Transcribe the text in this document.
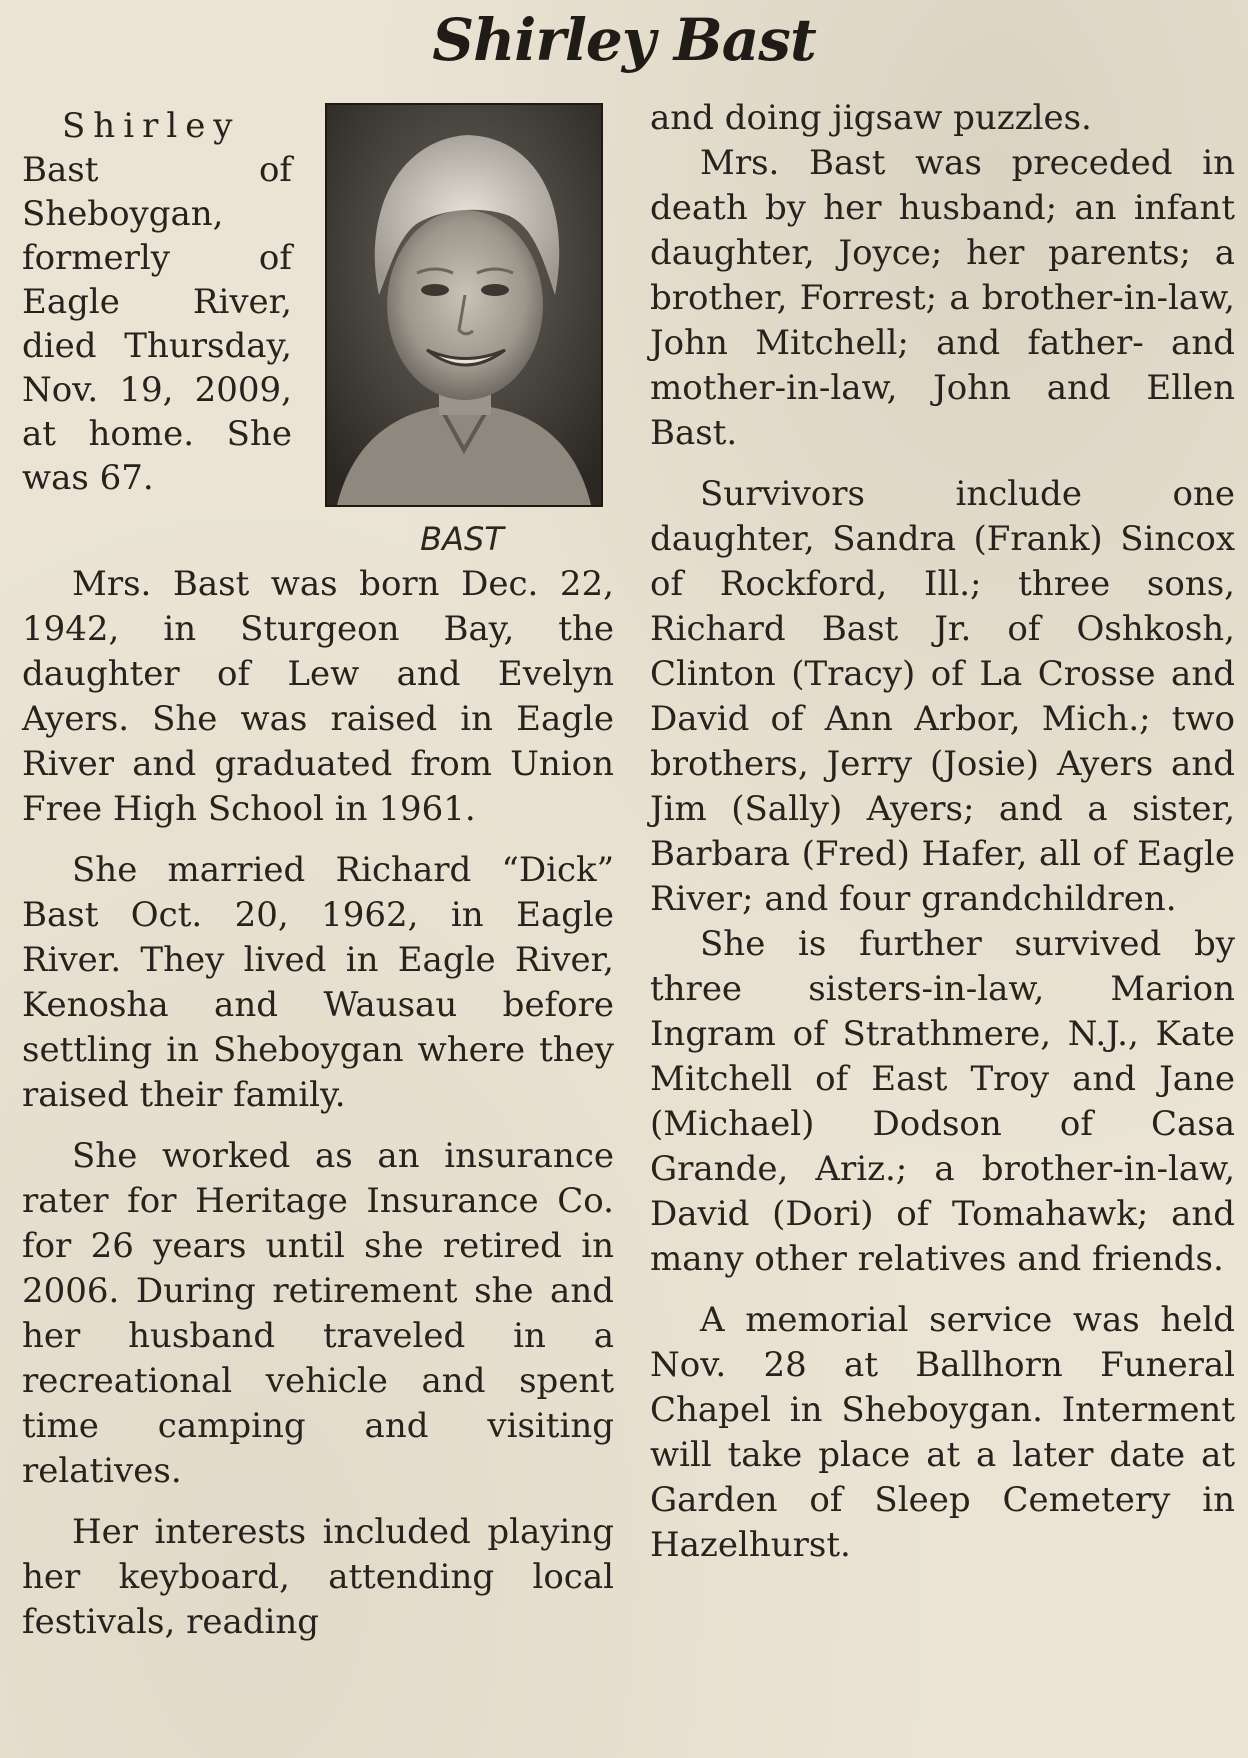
Shirley Bast

Shirley Bast of Sheboygan, formerly of Eagle River, died Thursday, Nov. 19, 2009, at home. She was 67.

BAST

Mrs. Bast was born Dec. 22, 1942, in Sturgeon Bay, the daughter of Lew and Evelyn Ayers. She was raised in Eagle River and graduated from Union Free High School in 1961.

She married Richard “Dick” Bast Oct. 20, 1962, in Eagle River. They lived in Eagle River, Kenosha and Wausau before settling in Sheboygan where they raised their family.

She worked as an insurance rater for Heritage Insurance Co. for 26 years until she retired in 2006. During retirement she and her husband traveled in a recreational vehicle and spent time camping and visiting relatives.

Her interests included playing her keyboard, attending local festivals, reading

and doing jigsaw puzzles.

Mrs. Bast was preceded in death by her husband; an infant daughter, Joyce; her parents; a brother, Forrest; a brother-in-law, John Mitchell; and father- and mother-in-law, John and Ellen Bast.

Survivors include one daughter, Sandra (Frank) Sincox of Rockford, Ill.; three sons, Richard Bast Jr. of Oshkosh, Clinton (Tracy) of La Crosse and David of Ann Arbor, Mich.; two brothers, Jerry (Josie) Ayers and Jim (Sally) Ayers; and a sister, Barbara (Fred) Hafer, all of Eagle River; and four grandchildren.

She is further survived by three sisters-in-law, Marion Ingram of Strathmere, N.J., Kate Mitchell of East Troy and Jane (Michael) Dodson of Casa Grande, Ariz.; a brother-in-law, David (Dori) of Tomahawk; and many other relatives and friends.

A memorial service was held Nov. 28 at Ballhorn Funeral Chapel in Sheboygan. Interment will take place at a later date at Garden of Sleep Cemetery in Hazelhurst.
